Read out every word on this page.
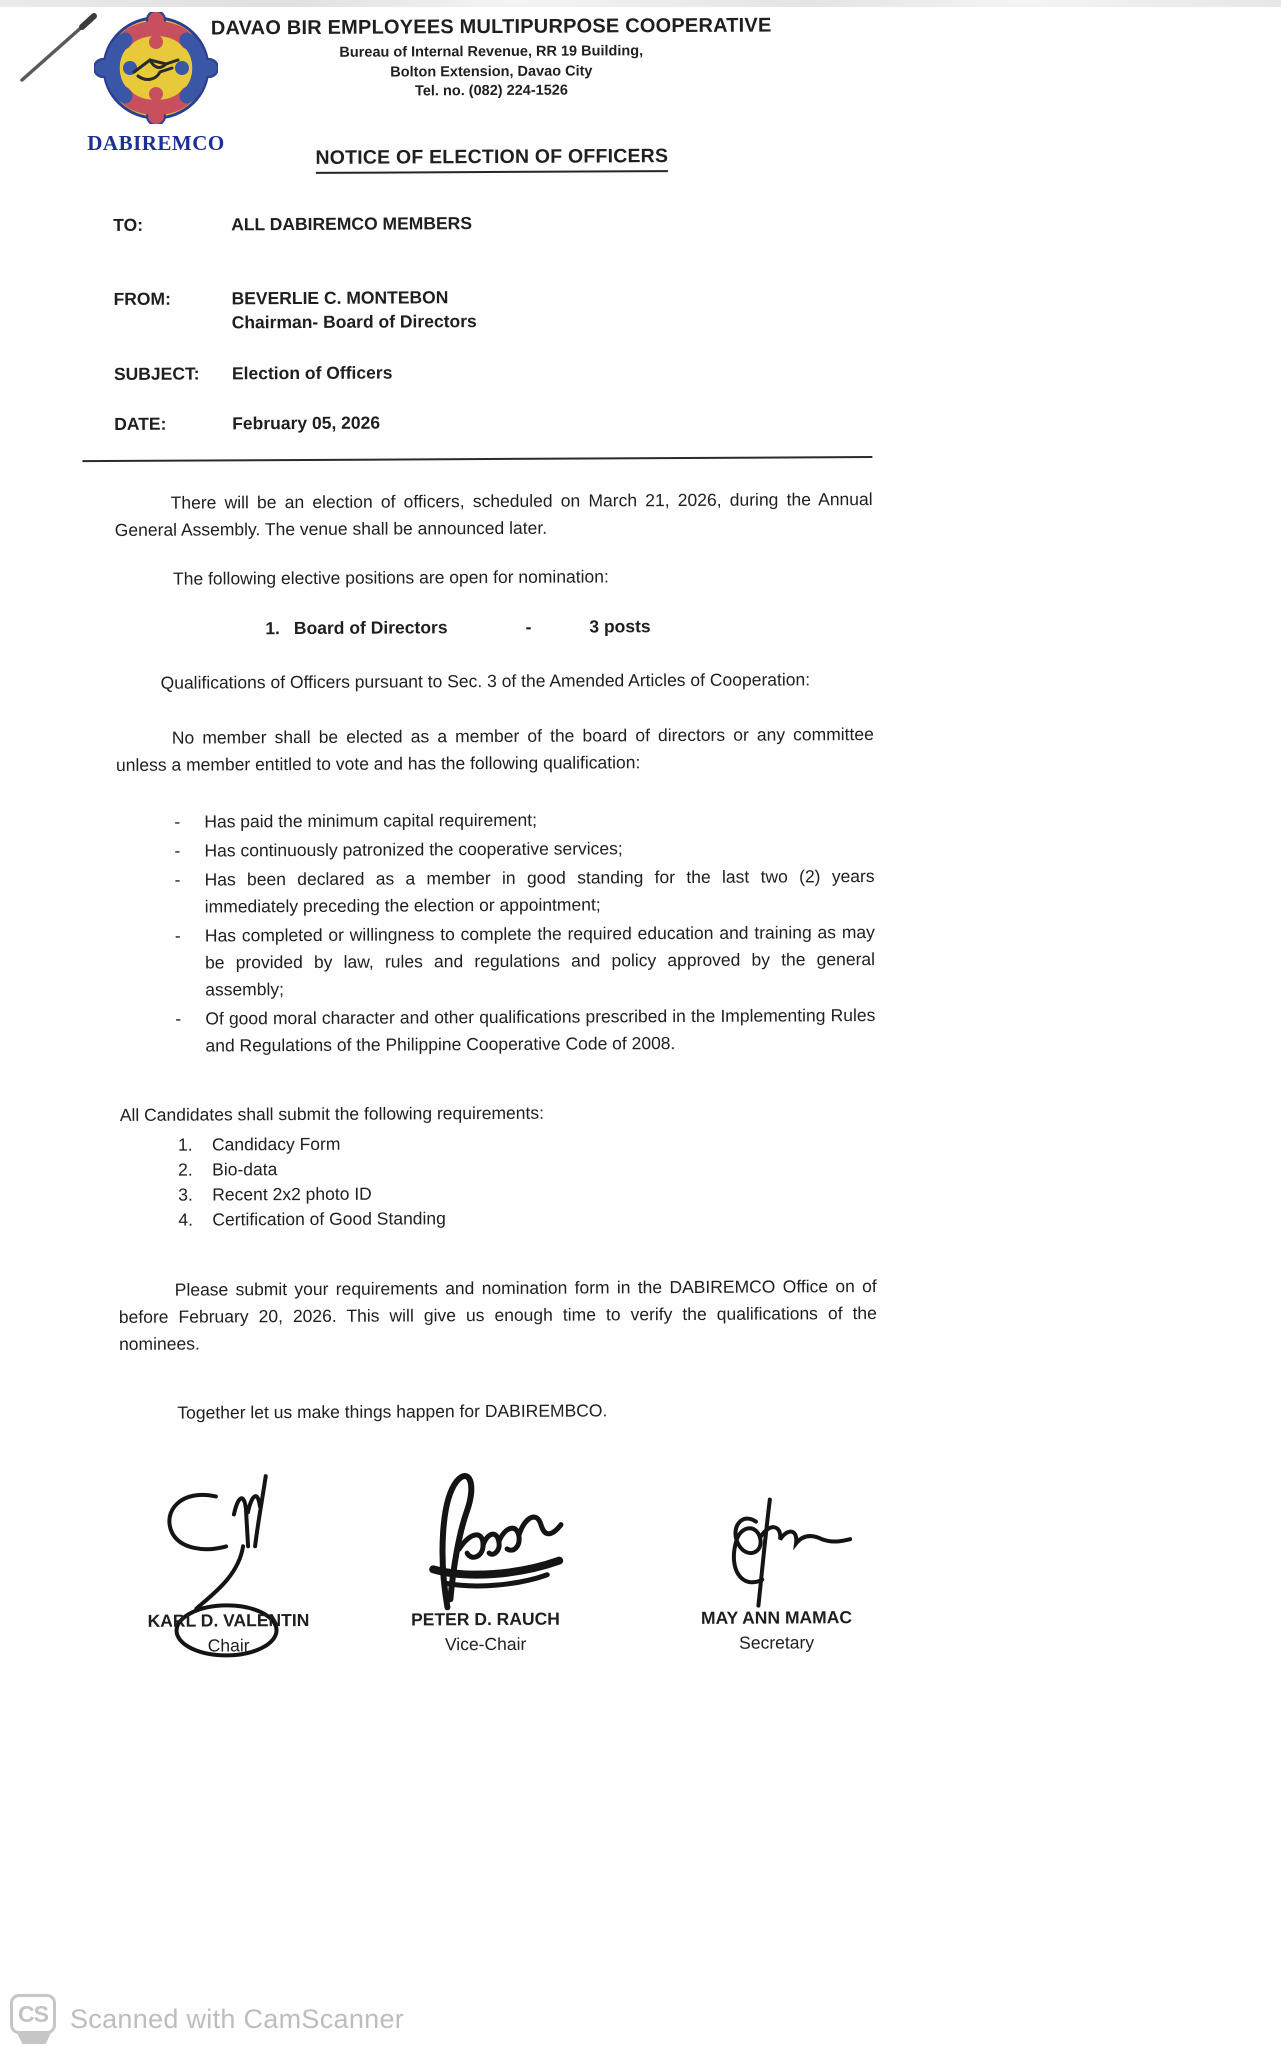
DABIREMCO
DAVAO BIR EMPLOYEES MULTIPURPOSE COOPERATIVE
Bureau of Internal Revenue, RR 19 Building,
Bolton Extension, Davao City
Tel. no. (082) 224-1526
NOTICE OF ELECTION OF OFFICERS
TO:	ALL DABIREMCO MEMBERS
FROM:	BEVERLIE C. MONTEBON
Chairman- Board of Directors
SUBJECT:	Election of Officers
DATE:	February 05, 2026

There will be an election of officers, scheduled on March 21, 2026, during the Annual General Assembly. The venue shall be announced later.

The following elective positions are open for nomination:

1. Board of Directors	-	3 posts

Qualifications of Officers pursuant to Sec. 3 of the Amended Articles of Cooperation:

No member shall be elected as a member of the board of directors or any committee unless a member entitled to vote and has the following qualification:

-	Has paid the minimum capital requirement;
-	Has continuously patronized the cooperative services;
-	Has been declared as a member in good standing for the last two (2) years immediately preceding the election or appointment;
-	Has completed or willingness to complete the required education and training as may be provided by law, rules and regulations and policy approved by the general assembly;
-	Of good moral character and other qualifications prescribed in the Implementing Rules and Regulations of the Philippine Cooperative Code of 2008.

All Candidates shall submit the following requirements:

1.	Candidacy Form
2.	Bio-data
3.	Recent 2x2 photo ID
4.	Certification of Good Standing

Please submit your requirements and nomination form in the DABIREMCO Office on of before February 20, 2026. This will give us enough time to verify the qualifications of the nominees.

Together let us make things happen for DABIREMBCO.

KARL D. VALENTIN
Chair
PETER D. RAUCH
Vice-Chair
MAY ANN MAMAC
Secretary
CS Scanned with CamScanner
